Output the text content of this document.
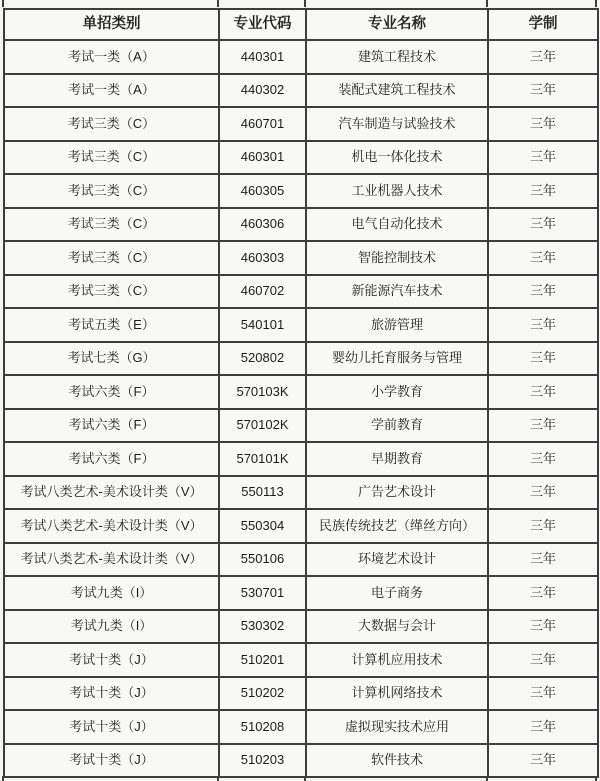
单招类别	专业代码	专业名称	学制
考试一类（A）	440301	建筑工程技术	三年
考试一类（A）	440302	装配式建筑工程技术	三年
考试三类（C）	460701	汽车制造与试验技术	三年
考试三类（C）	460301	机电一体化技术	三年
考试三类（C）	460305	工业机器人技术	三年
考试三类（C）	460306	电气自动化技术	三年
考试三类（C）	460303	智能控制技术	三年
考试三类（C）	460702	新能源汽车技术	三年
考试五类（E）	540101	旅游管理	三年
考试七类（G）	520802	婴幼儿托育服务与管理	三年
考试六类（F）	570103K	小学教育	三年
考试六类（F）	570102K	学前教育	三年
考试六类（F）	570101K	早期教育	三年
考试八类艺术-美术设计类（V）	550113	广告艺术设计	三年
考试八类艺术-美术设计类（V）	550304	民族传统技艺（缂丝方向）	三年
考试八类艺术-美术设计类（V）	550106	环境艺术设计	三年
考试九类（I）	530701	电子商务	三年
考试九类（I）	530302	大数据与会计	三年
考试十类（J）	510201	计算机应用技术	三年
考试十类（J）	510202	计算机网络技术	三年
考试十类（J）	510208	虚拟现实技术应用	三年
考试十类（J）	510203	软件技术	三年
